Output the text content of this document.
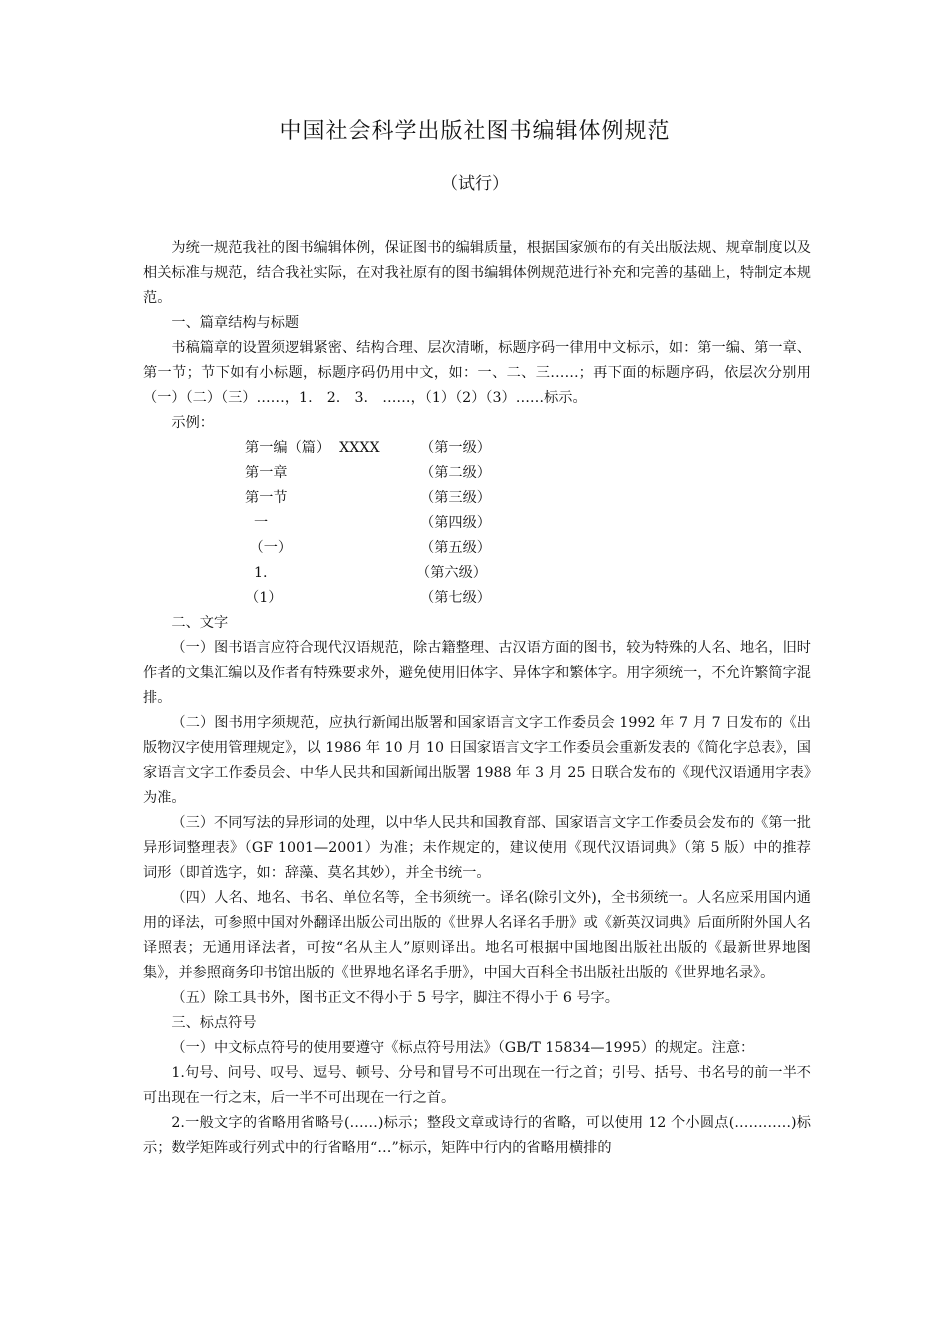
中国社会科学出版社图书编辑体例规范
（试行）

为统一规范我社的图书编辑体例，保证图书的编辑质量，根据国家颁布的有关出版法规、规章制度以及相关标准与规范，结合我社实际，在对我社原有的图书编辑体例规范进行补充和完善的基础上，特制定本规范。

一、篇章结构与标题

书稿篇章的设置须逻辑紧密、结构合理、层次清晰，标题序码一律用中文标示，如：第一编、第一章、第一节；节下如有小标题，标题序码仍用中文，如：一、二、三……；再下面的标题序码，依层次分别用（一）（二）（三）……，1.　2.　3.　……，（1）（2）（3）……标示。

示例：

第一编（篇）  XXXX	（第一级）
第一章	（第二级）
第一节	（第三级）
一	（第四级）
（一）	（第五级）
1.	（第六级）
（1）	（第七级）

二、文字

（一）图书语言应符合现代汉语规范，除古籍整理、古汉语方面的图书，较为特殊的人名、地名，旧时作者的文集汇编以及作者有特殊要求外，避免使用旧体字、异体字和繁体字。用字须统一，不允许繁简字混排。

（二）图书用字须规范，应执行新闻出版署和国家语言文字工作委员会 1992 年 7 月 7 日发布的《出版物汉字使用管理规定》，以 1986 年 10 月 10 日国家语言文字工作委员会重新发表的《简化字总表》，国家语言文字工作委员会、中华人民共和国新闻出版署 1988 年 3 月 25 日联合发布的《现代汉语通用字表》为准。

（三）不同写法的异形词的处理，以中华人民共和国教育部、国家语言文字工作委员会发布的《第一批异形词整理表》（GF 1001—2001）为准；未作规定的，建议使用《现代汉语词典》（第 5 版）中的推荐词形（即首选字，如：辞藻、莫名其妙），并全书统一。

（四）人名、地名、书名、单位名等，全书须统一。译名(除引文外)，全书须统一。人名应采用国内通用的译法，可参照中国对外翻译出版公司出版的《世界人名译名手册》或《新英汉词典》后面所附外国人名译照表；无通用译法者，可按“名从主人”原则译出。地名可根据中国地图出版社出版的《最新世界地图集》，并参照商务印书馆出版的《世界地名译名手册》，中国大百科全书出版社出版的《世界地名录》。

（五）除工具书外，图书正文不得小于 5 号字，脚注不得小于 6 号字。

三、标点符号

（一）中文标点符号的使用要遵守《标点符号用法》（GB/T 15834—1995）的规定。注意：

1.句号、问号、叹号、逗号、顿号、分号和冒号不可出现在一行之首；引号、括号、书名号的前一半不可出现在一行之末，后一半不可出现在一行之首。

2.一般文字的省略用省略号(……)标示；整段文章或诗行的省略，可以使用 12 个小圆点(…………)标示；数学矩阵或行列式中的行省略用“…”标示，矩阵中行内的省略用横排的
